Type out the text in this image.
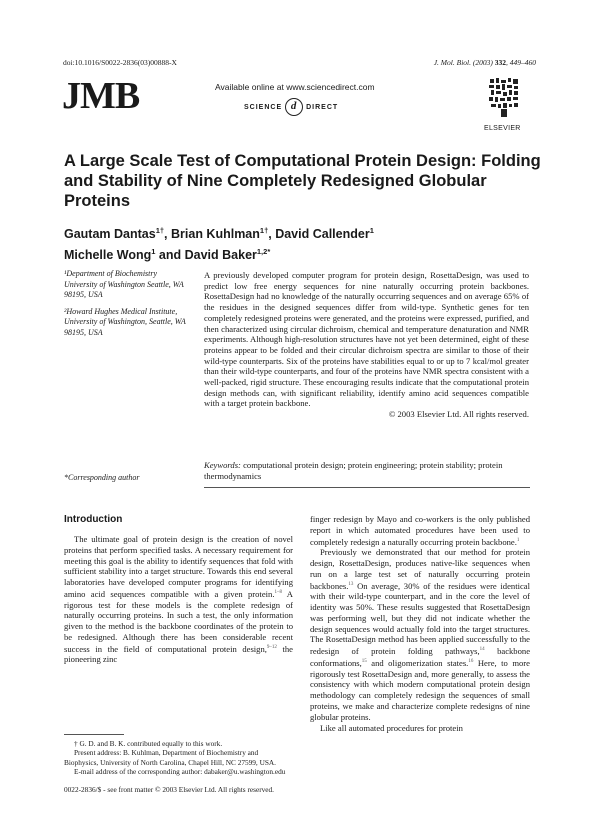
doi:10.1016/S0022-2836(03)00888-X	J. Mol. Biol. (2003) 332, 449–460
JMB	Available online at www.sciencedirect.com
SCIENCE d	DIRECT
ELSEVIER
A Large Scale Test of Computational Protein Design: Folding and Stability of Nine Completely Redesigned Globular Proteins
Gautam Dantas$^{1\dagger}$, Brian Kuhlman$^{1\dagger}$, David Callender$^1$
Michelle Wong$^1$ and David Baker$^{1,2*}$

¹Department of Biochemistry University of Washington Seattle, WA 98195, USA

²Howard Hughes Medical Institute, University of Washington, Seattle, WA 98195, USA

*Corresponding author

A previously developed computer program for protein design, RosettaDesign, was used to predict low free energy sequences for nine naturally occurring protein backbones. RosettaDesign had no knowledge of the naturally occurring sequences and on average 65% of the residues in the designed sequences differ from wild-type. Synthetic genes for ten completely redesigned proteins were generated, and the proteins were expressed, purified, and then characterized using circular dichroism, chemical and temperature denaturation and NMR experiments. Although high-resolution structures have not yet been determined, eight of these proteins appear to be folded and their circular dichroism spectra are similar to those of their wild-type counterparts. Six of the proteins have stabilities equal to or up to 7 kcal/mol greater than their wild-type counterparts, and four of the proteins have NMR spectra consistent with a well-packed, rigid structure. These encouraging results indicate that the computational protein design methods can, with significant reliability, identify amino acid sequences compatible with a target protein backbone.

© 2003 Elsevier Ltd. All rights reserved.

Keywords: computational protein design; protein engineering; protein stability; protein thermodynamics
Introduction

The ultimate goal of protein design is the creation of novel proteins that perform specified tasks. A necessary requirement for meeting this goal is the ability to identify sequences that fold with sufficient stability into a target structure. Towards this end several laboratories have developed computer programs for identifying amino acid sequences compatible with a given protein.$^{1-8}$ A rigorous test for these models is the complete redesign of naturally occurring proteins. In such a test, the only information given to the method is the backbone coordinates of the protein to be redesigned. Although there has been considerable recent success in the field of computational protein design,$^{9-12}$ the pioneering zinc

finger redesign by Mayo and co-workers is the only published report in which automated procedures have been used to completely redesign a naturally occurring protein backbone.$^1$

Previously we demonstrated that our method for protein design, RosettaDesign, produces native-like sequences when run on a large test set of naturally occurring protein backbones.$^{13}$ On average, 30% of the residues were identical with their wild-type counterpart, and in the core the level of identity was 50%. These results suggested that RosettaDesign was performing well, but they did not indicate whether the design sequences would actually fold into the target structures. The RosettaDesign method has been applied successfully to the redesign of protein folding pathways,$^{14}$ backbone conformations,$^{15}$ and oligomerization states.$^{16}$ Here, to more rigorously test RosettaDesign and, more generally, to assess the consistency with which modern computational protein design methodology can completely redesign the sequences of small proteins, we make and characterize complete redesigns of nine globular proteins.

Like all automated procedures for protein

† G. D. and B. K. contributed equally to this work.

Present address: B. Kuhlman, Department of Biochemistry and Biophysics, University of North Carolina, Chapel Hill, NC 27599, USA.

E-mail address of the corresponding author: dabaker@u.washington.edu

0022-2836/$ - see front matter © 2003 Elsevier Ltd. All rights reserved.
